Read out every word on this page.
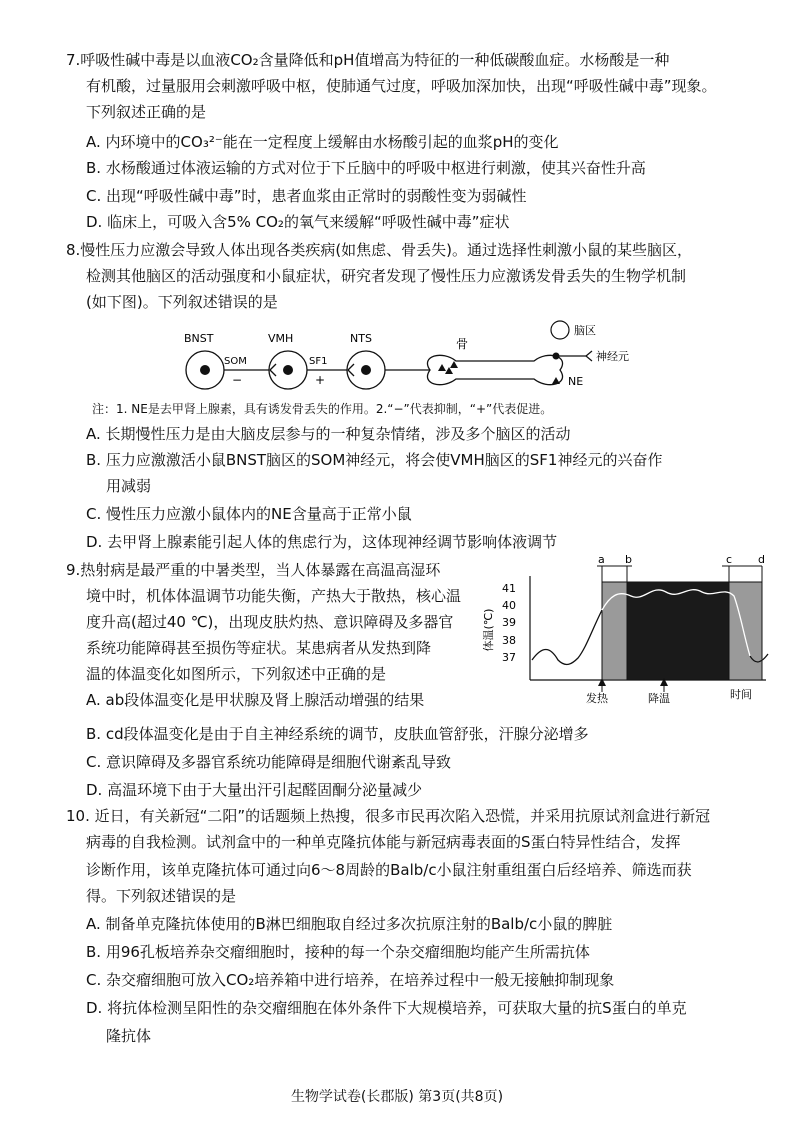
7.呼吸性碱中毒是以血液CO₂含量降低和pH值增高为特征的一种低碳酸血症。水杨酸是一种
有机酸，过量服用会刺激呼吸中枢，使肺通气过度，呼吸加深加快，出现“呼吸性碱中毒”现象。
下列叙述正确的是
A. 内环境中的CO₃²⁻能在一定程度上缓解由水杨酸引起的血浆pH的变化
B. 水杨酸通过体液运输的方式对位于下丘脑中的呼吸中枢进行刺激，使其兴奋性升高
C. 出现“呼吸性碱中毒”时，患者血浆由正常时的弱酸性变为弱碱性
D. 临床上，可吸入含5% CO₂的氧气来缓解“呼吸性碱中毒”症状
8.慢性压力应激会导致人体出现各类疾病(如焦虑、骨丢失)。通过选择性刺激小鼠的某些脑区，
检测其他脑区的活动强度和小鼠症状，研究者发现了慢性压力应激诱发骨丢失的生物学机制
(如下图)。下列叙述错误的是
BNST	VMH	NTS
SOM
−
SF1
+
骨
脑区
神经元
NE
注：1. NE是去甲肾上腺素，具有诱发骨丢失的作用。2.“−”代表抑制，“+”代表促进。
A. 长期慢性压力是由大脑皮层参与的一种复杂情绪，涉及多个脑区的活动
B. 压力应激激活小鼠BNST脑区的SOM神经元，将会使VMH脑区的SF1神经元的兴奋作
用减弱
C. 慢性压力应激小鼠体内的NE含量高于正常小鼠
D. 去甲肾上腺素能引起人体的焦虑行为，这体现神经调节影响体液调节
9.热射病是最严重的中暑类型，当人体暴露在高温高湿环
境中时，机体体温调节功能失衡，产热大于散热，核心温
度升高(超过40 ℃)，出现皮肤灼热、意识障碍及多器官
系统功能障碍甚至损伤等症状。某患病者从发热到降
温的体温变化如图所示，下列叙述中正确的是
体温(℃)
41
40
39
38
37
a b	c d
发热	降温	时间
A. ab段体温变化是甲状腺及肾上腺活动增强的结果
B. cd段体温变化是由于自主神经系统的调节，皮肤血管舒张，汗腺分泌增多
C. 意识障碍及多器官系统功能障碍是细胞代谢紊乱导致
D. 高温环境下由于大量出汗引起醛固酮分泌量减少
10. 近日，有关新冠“二阳”的话题频上热搜，很多市民再次陷入恐慌，并采用抗原试剂盒进行新冠
病毒的自我检测。试剂盒中的一种单克隆抗体能与新冠病毒表面的S蛋白特异性结合，发挥
诊断作用，该单克隆抗体可通过向6～8周龄的Balb/c小鼠注射重组蛋白后经培养、筛选而获
得。下列叙述错误的是
A. 制备单克隆抗体使用的B淋巴细胞取自经过多次抗原注射的Balb/c小鼠的脾脏
B. 用96孔板培养杂交瘤细胞时，接种的每一个杂交瘤细胞均能产生所需抗体
C. 杂交瘤细胞可放入CO₂培养箱中进行培养，在培养过程中一般无接触抑制现象
D. 将抗体检测呈阳性的杂交瘤细胞在体外条件下大规模培养，可获取大量的抗S蛋白的单克
隆抗体
生物学试卷(长郡版) 第3页(共8页)
